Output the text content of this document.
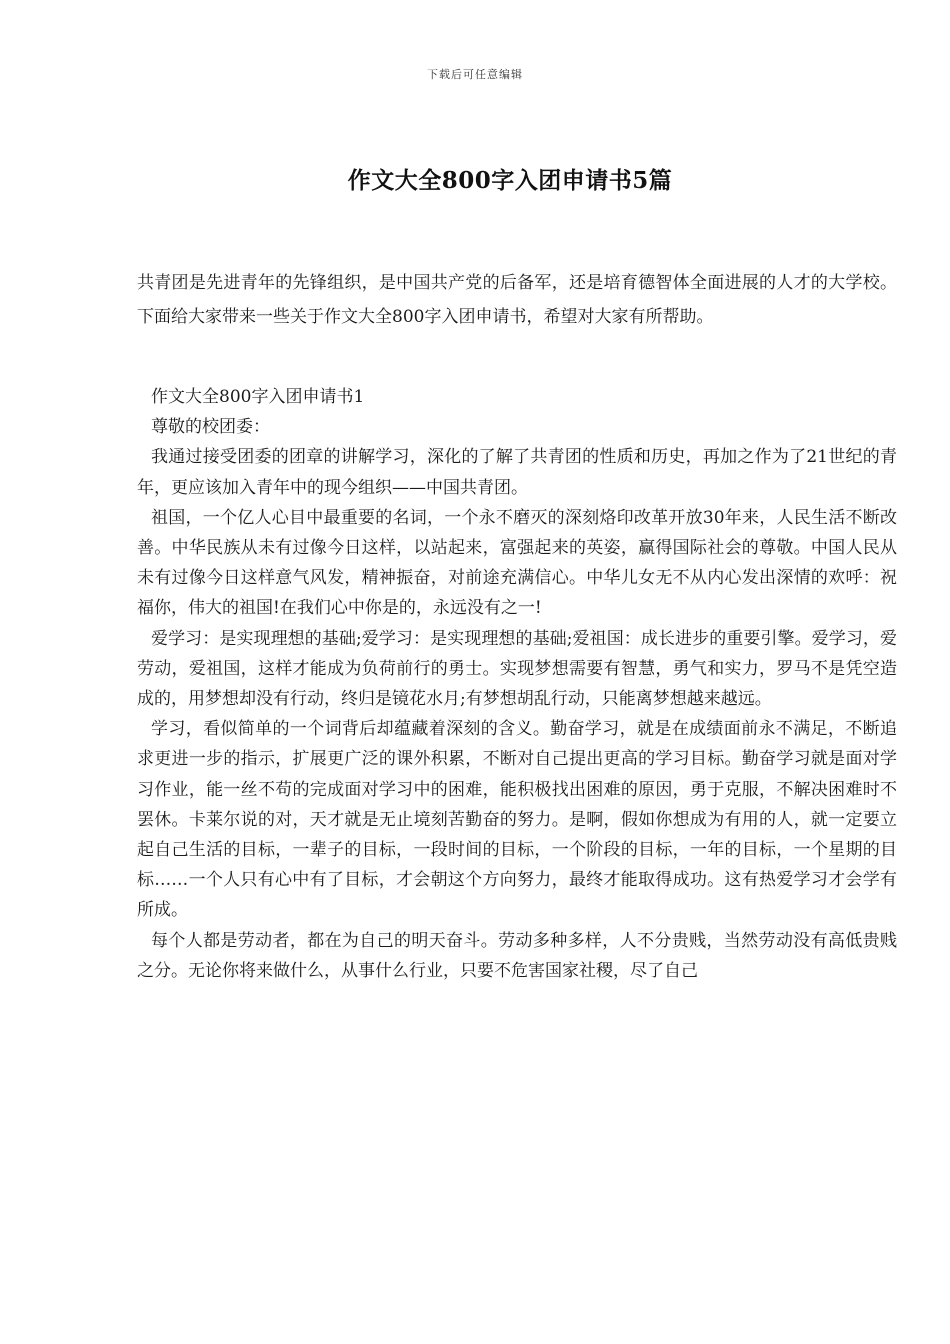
下载后可任意编辑
作文大全800字入团申请书5篇

共青团是先进青年的先锋组织，是中国共产党的后备军，还是培育德智体全面进展的人才的大学校。下面给大家带来一些关于作文大全800字入团申请书，希望对大家有所帮助。

作文大全800字入团申请书1

尊敬的校团委：

我通过接受团委的团章的讲解学习，深化的了解了共青团的性质和历史，再加之作为了21世纪的青年，更应该加入青年中的现今组织——中国共青团。

祖国，一个亿人心目中最重要的名词，一个永不磨灭的深刻烙印改革开放30年来，人民生活不断改善。中华民族从未有过像今日这样，以站起来，富强起来的英姿，赢得国际社会的尊敬。中国人民从未有过像今日这样意气风发，精神振奋，对前途充满信心。中华儿女无不从内心发出深情的欢呼：祝福你，伟大的祖国!在我们心中你是的，永远没有之一!

爱学习：是实现理想的基础;爱学习：是实现理想的基础;爱祖国：成长进步的重要引擎。爱学习，爱劳动，爱祖国，这样才能成为负荷前行的勇士。实现梦想需要有智慧，勇气和实力，罗马不是凭空造成的，用梦想却没有行动，终归是镜花水月;有梦想胡乱行动，只能离梦想越来越远。

学习，看似简单的一个词背后却蕴藏着深刻的含义。勤奋学习，就是在成绩面前永不满足，不断追求更进一步的指示，扩展更广泛的课外积累，不断对自己提出更高的学习目标。勤奋学习就是面对学习作业，能一丝不苟的完成面对学习中的困难，能积极找出困难的原因，勇于克服，不解决困难时不罢休。卡莱尔说的对，天才就是无止境刻苦勤奋的努力。是啊，假如你想成为有用的人，就一定要立起自己生活的目标，一辈子的目标，一段时间的目标，一个阶段的目标，一年的目标，一个星期的目标……一个人只有心中有了目标，才会朝这个方向努力，最终才能取得成功。这有热爱学习才会学有所成。

每个人都是劳动者，都在为自己的明天奋斗。劳动多种多样，人不分贵贱，当然劳动没有高低贵贱之分。无论你将来做什么，从事什么行业，只要不危害国家社稷，尽了自己
